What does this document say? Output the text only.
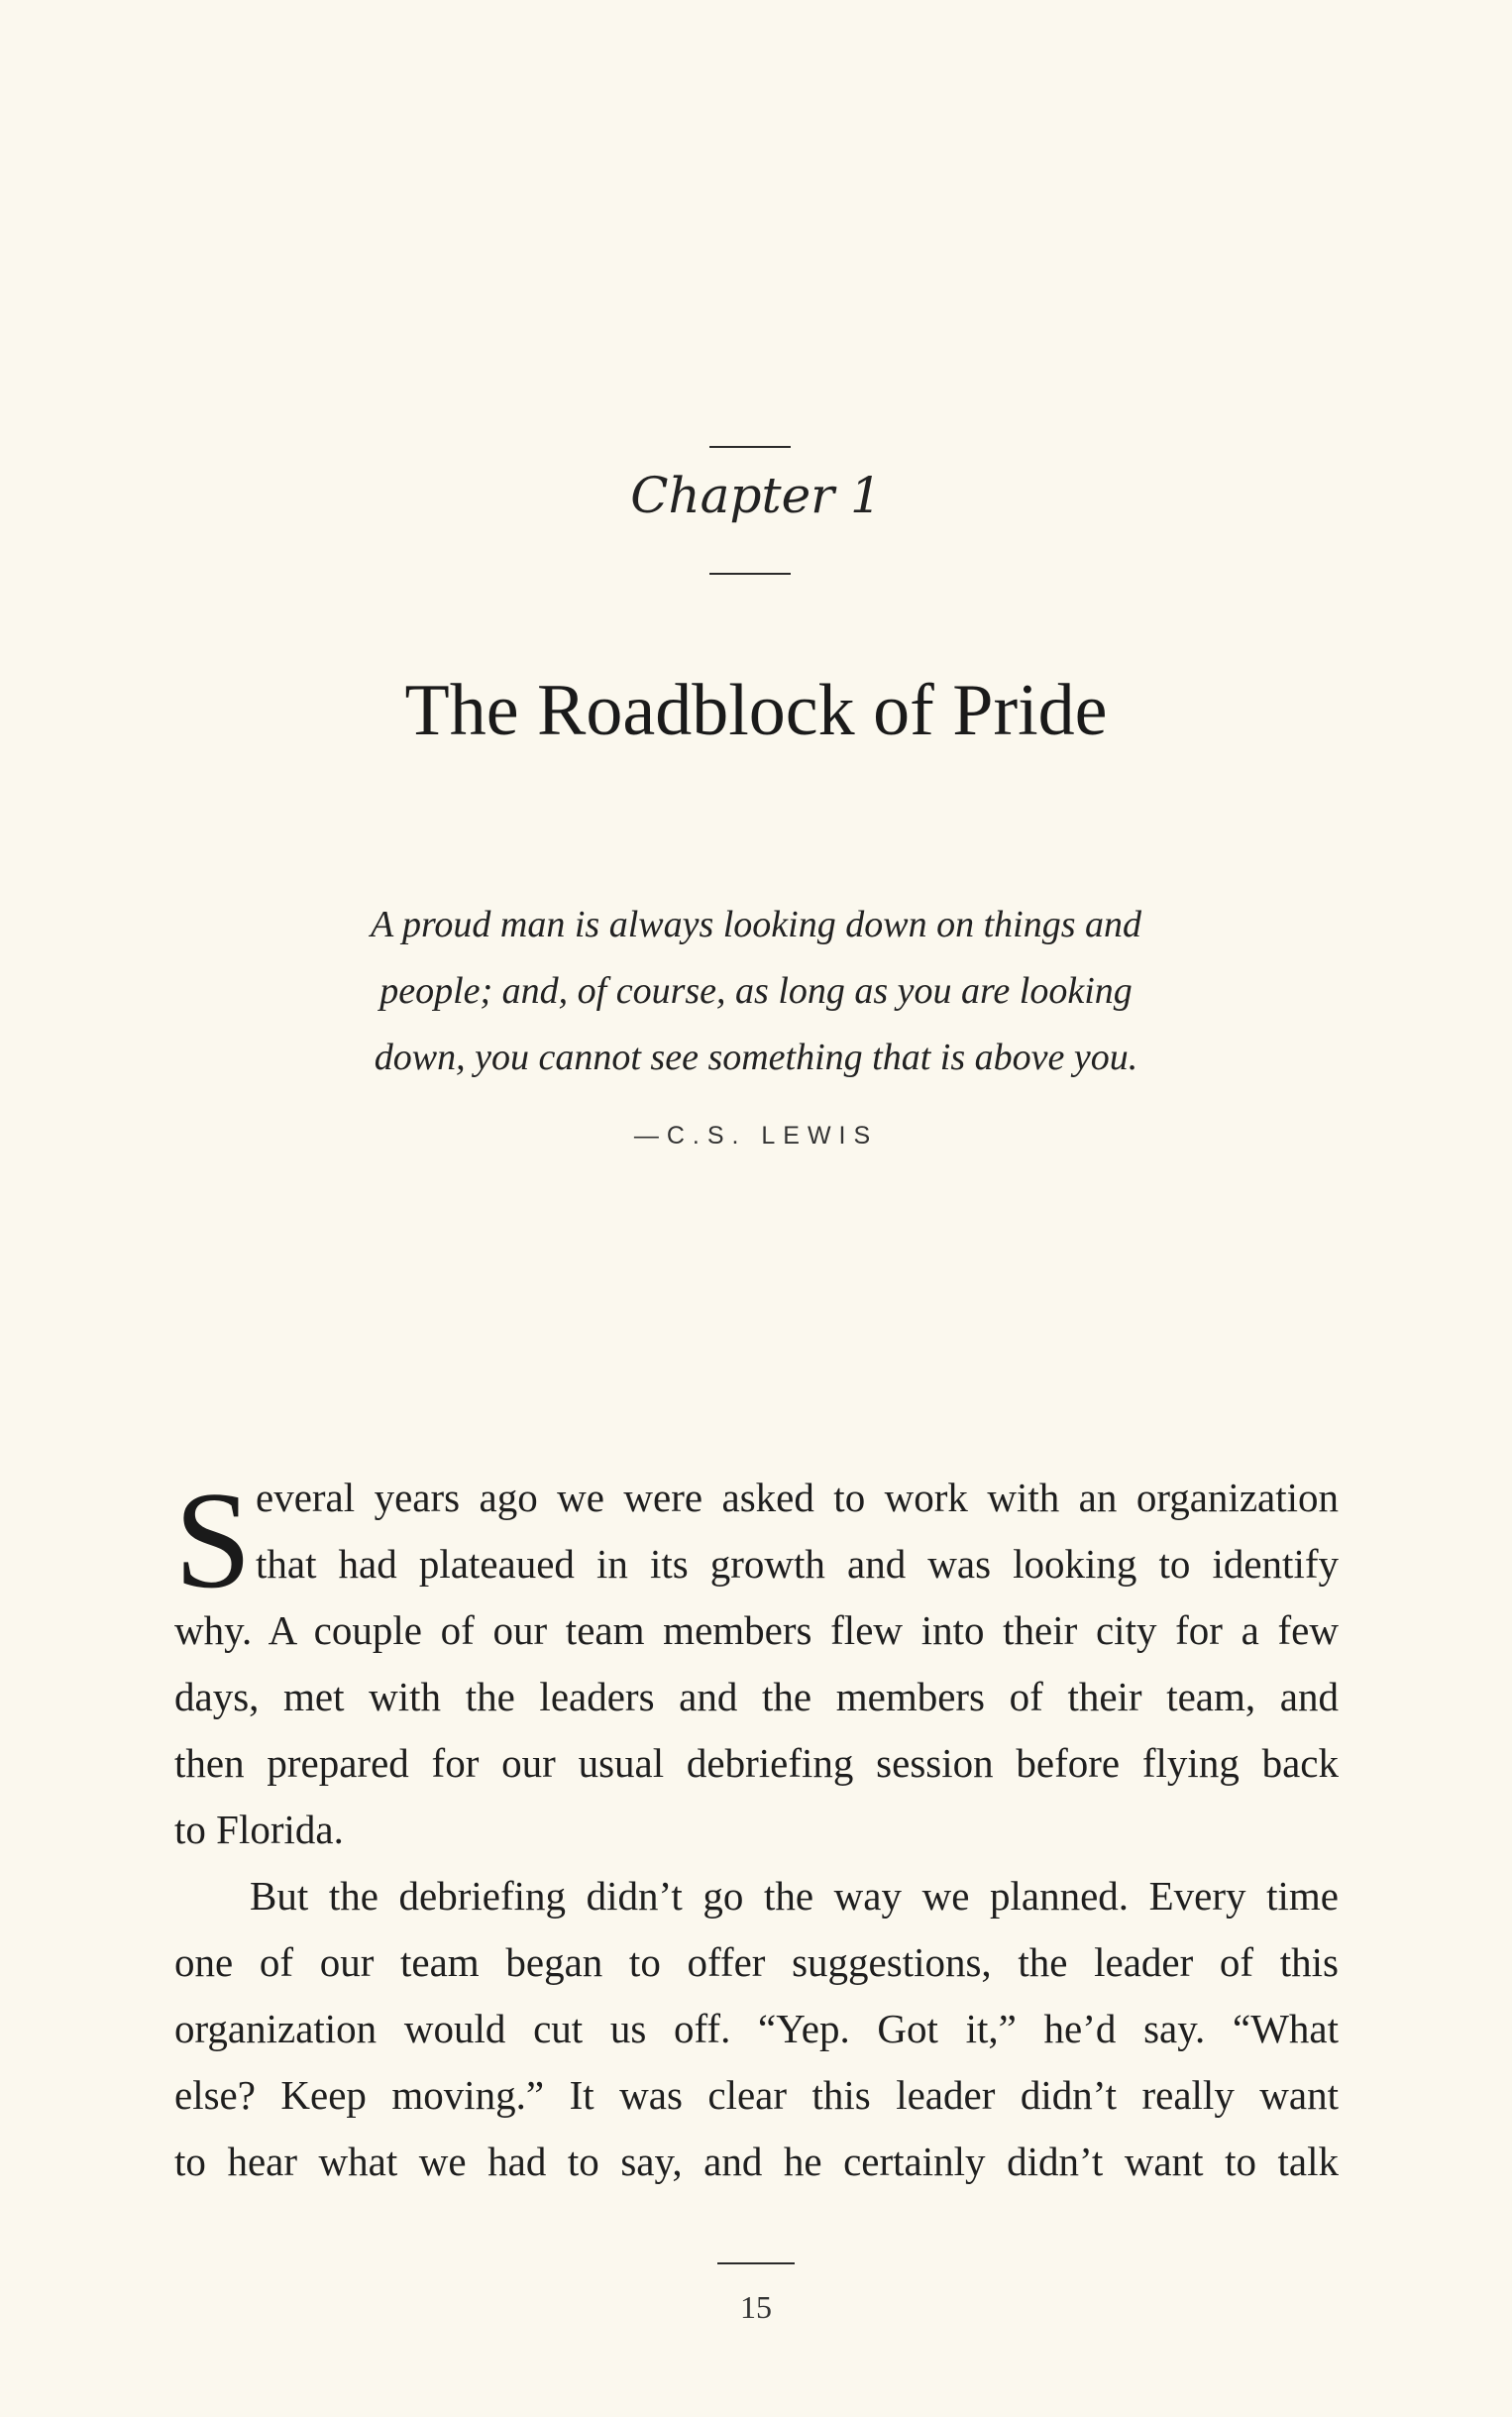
Chapter 1
The Roadblock of Pride
A proud man is always looking down on things and
people; and, of course, as long as you are looking
down, you cannot see something that is above you.
—C.S. LEWIS
S everal years ago we were asked to work with an organization
that had plateaued in its growth and was looking to identify
why. A couple of our team members flew into their city for a few
days, met with the leaders and the members of their team, and
then prepared for our usual debriefing session before flying back
to Florida.
But the debriefing didn’t go the way we planned. Every time
one of our team began to offer suggestions, the leader of this
organization would cut us off. “Yep. Got it,” he’d say. “What
else? Keep moving.” It was clear this leader didn’t really want
to hear what we had to say, and he certainly didn’t want to talk
15
